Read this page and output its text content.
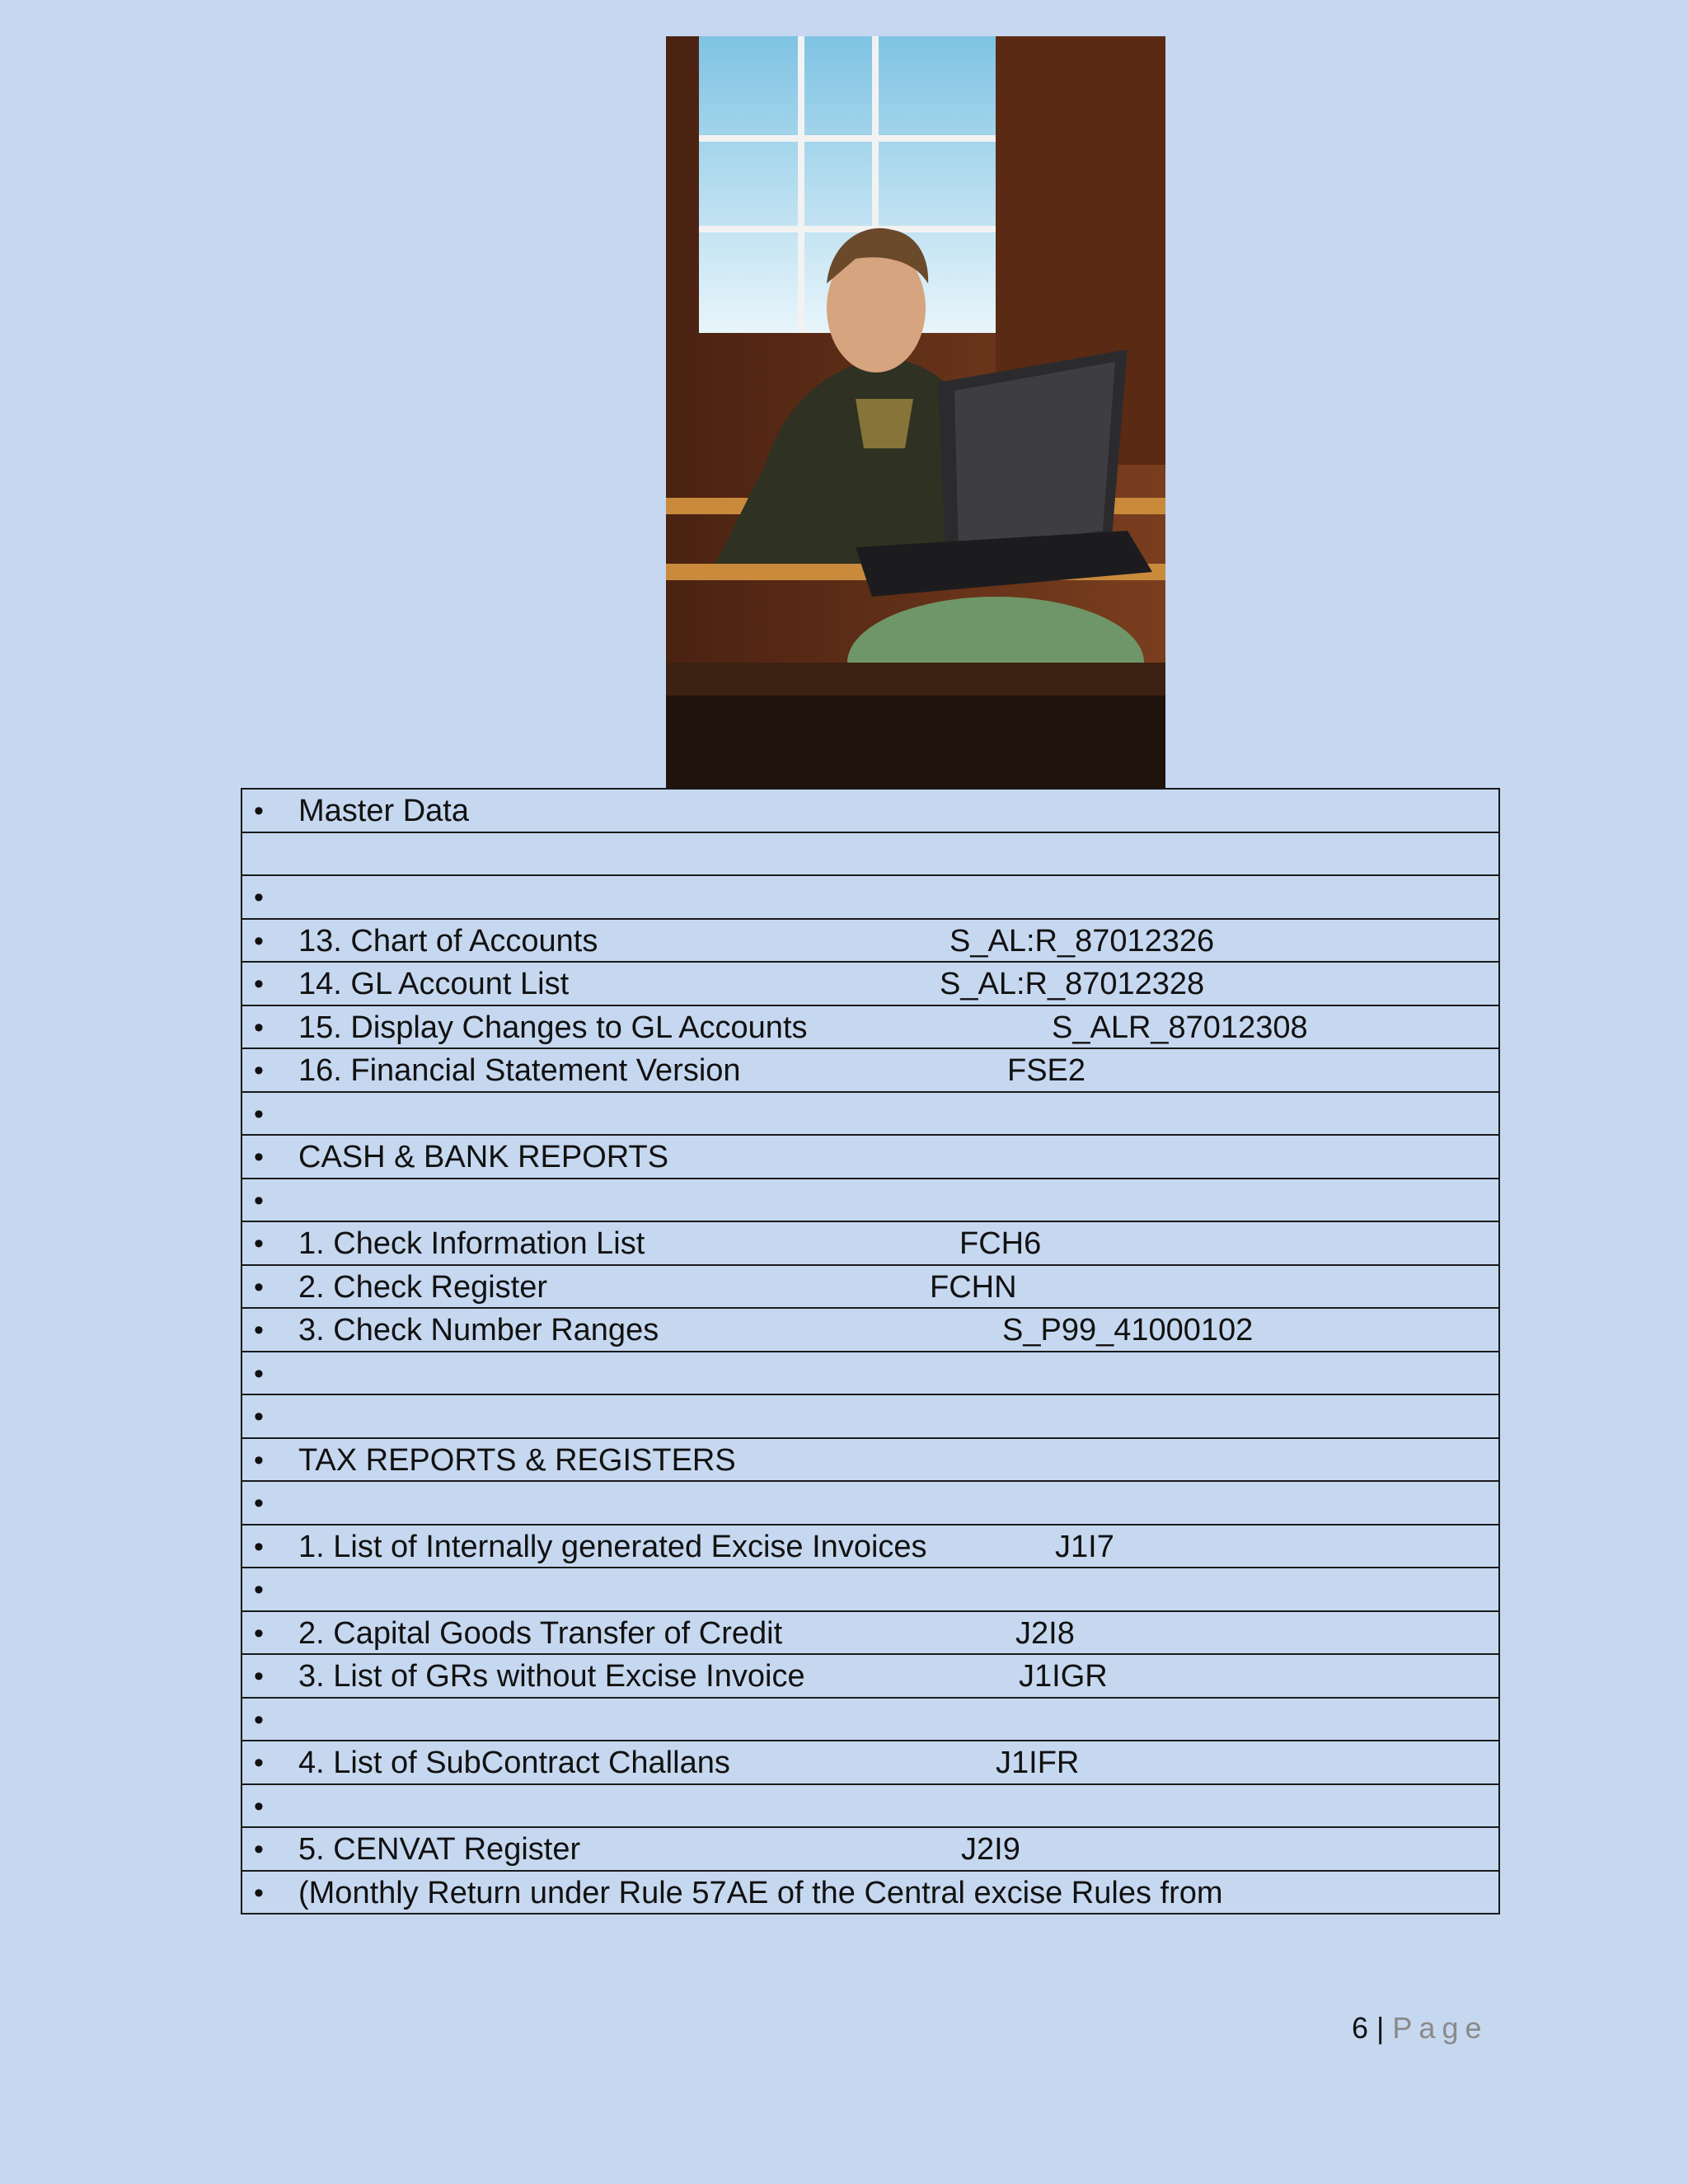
• Master Data
•
• 13. Chart of Accounts	S_AL:R_87012326
• 14. GL Account List	S_AL:R_87012328
• 15. Display Changes to GL Accounts	S_ALR_87012308
• 16. Financial Statement Version	FSE2
•
• CASH & BANK REPORTS
•
• 1. Check Information List	FCH6
• 2. Check Register	FCHN
• 3. Check Number Ranges	S_P99_41000102
•
•
• TAX REPORTS & REGISTERS
•
• 1. List of Internally generated Excise Invoices	J1I7
•
• 2. Capital Goods Transfer of Credit	J2I8
• 3. List of GRs without Excise Invoice	J1IGR
•
• 4. List of SubContract Challans	J1IFR
•
• 5. CENVAT Register	J2I9
• (Monthly Return under Rule 57AE of the Central excise Rules from
6 | Page
